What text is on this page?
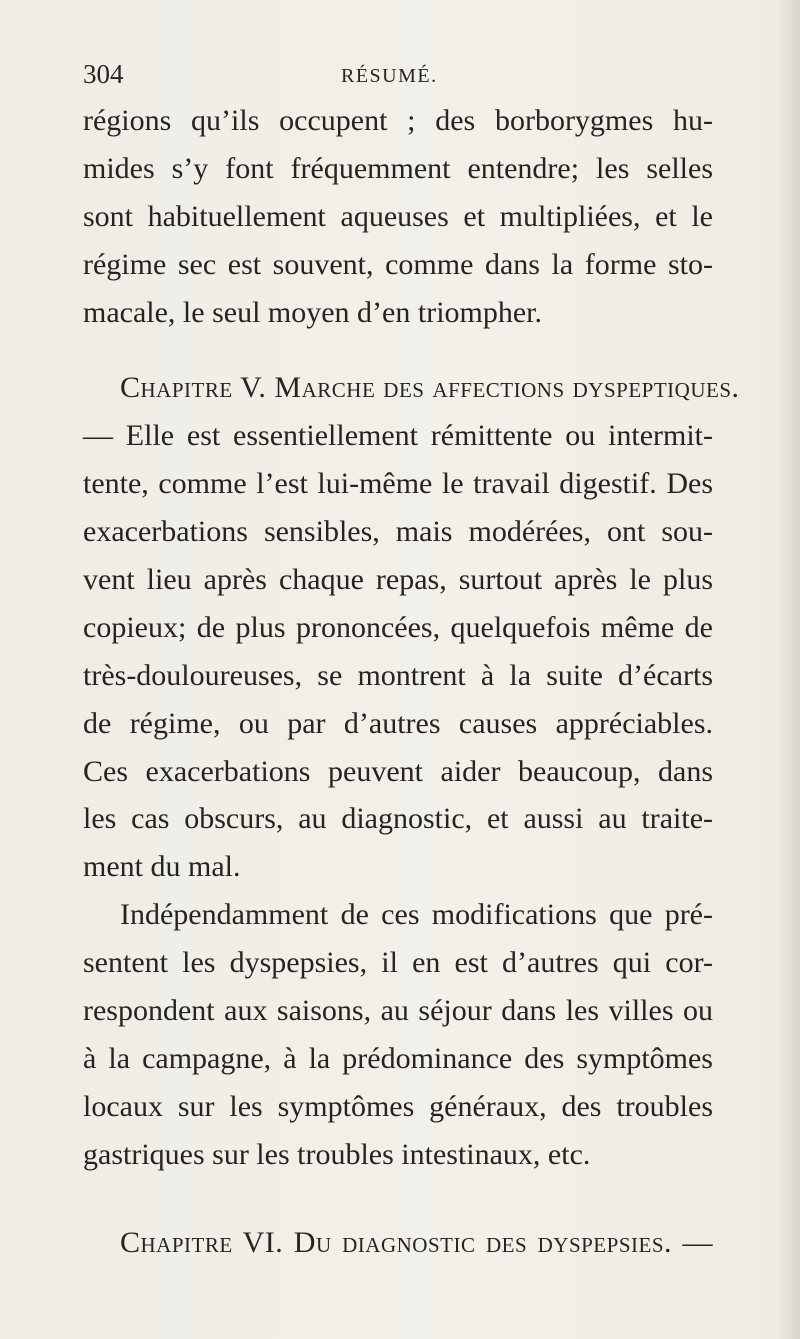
304	RÉSUMÉ.
régions qu’ils occupent ; des borborygmes hu-
mides s’y font fréquemment entendre; les selles
sont habituellement aqueuses et multipliées, et le
régime sec est souvent, comme dans la forme sto-
macale, le seul moyen d’en triompher.
Chapitre V. Marche des affections dyspeptiques.
— Elle est essentiellement rémittente ou intermit-
tente, comme l’est lui-même le travail digestif. Des
exacerbations sensibles, mais modérées, ont sou-
vent lieu après chaque repas, surtout après le plus
copieux; de plus prononcées, quelquefois même de
très-douloureuses, se montrent à la suite d’écarts
de régime, ou par d’autres causes appréciables.
Ces exacerbations peuvent aider beaucoup, dans
les cas obscurs, au diagnostic, et aussi au traite-
ment du mal.
Indépendamment de ces modifications que pré-
sentent les dyspepsies, il en est d’autres qui cor-
respondent aux saisons, au séjour dans les villes ou
à la campagne, à la prédominance des symptômes
locaux sur les symptômes généraux, des troubles
gastriques sur les troubles intestinaux, etc.
Chapitre VI. Du diagnostic des dyspepsies. —
